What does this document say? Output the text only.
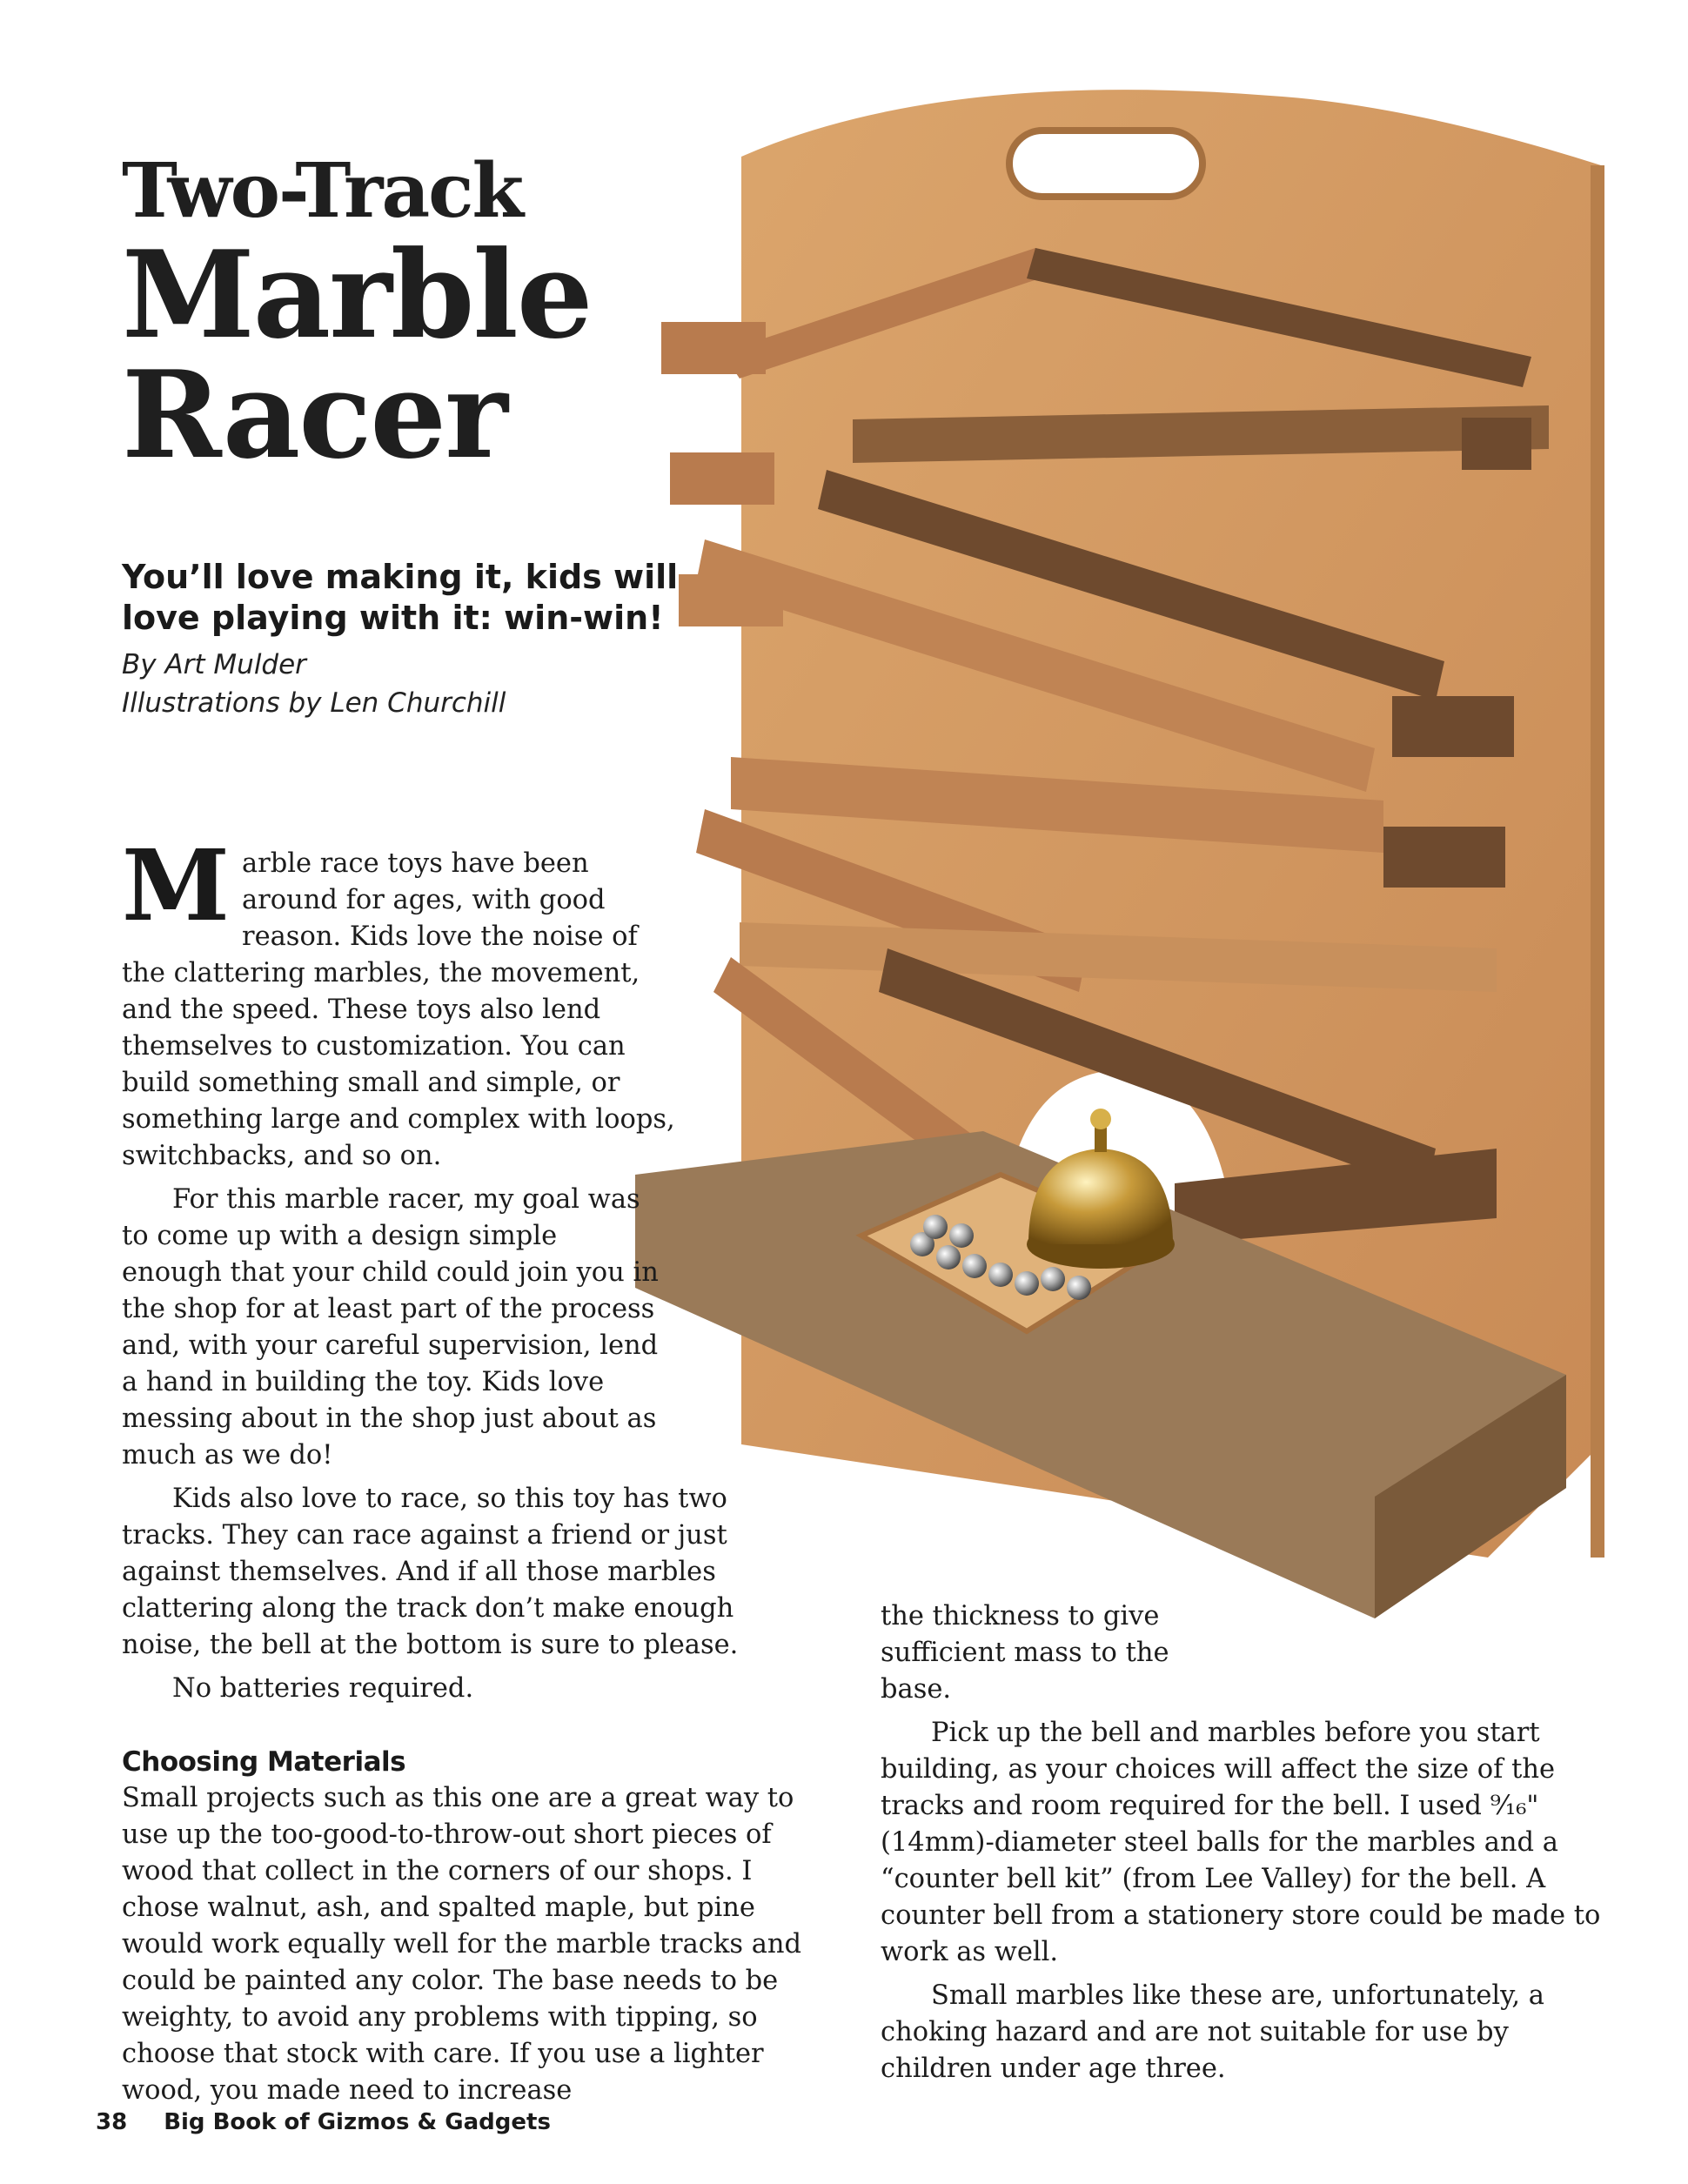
Two-Track
Marble
Racer

You’ll love making it, kids will love playing with it: win-win!

By Art Mulder
Illustrations by Len Churchill

Marble race toys have been around for ages, with good reason. Kids love the noise of the clattering marbles, the movement, and the speed. These toys also lend themselves to customization. You can build something small and simple, or something large and complex with loops, switchbacks, and so on.

For this marble racer, my goal was to come up with a design simple enough that your child could join you in the shop for at least part of the process and, with your careful supervision, lend a hand in building the toy. Kids love messing about in the shop just about as much as we do!

Kids also love to race, so this toy has two tracks. They can race against a friend or just against themselves. And if all those marbles clattering along the track don’t make enough noise, the bell at the bottom is sure to please.

No batteries required.

Choosing Materials

Small projects such as this one are a great way to use up the too-good-to-throw-out short pieces of wood that collect in the corners of our shops. I chose walnut, ash, and spalted maple, but pine would work equally well for the marble tracks and could be painted any color. The base needs to be weighty, to avoid any problems with tipping, so choose that stock with care. If you use a lighter wood, you made need to increase

the thickness to give sufficient mass to the base.

Pick up the bell and marbles before you start building, as your choices will affect the size of the tracks and room required for the bell. I used ⁹⁄₁₆" (14mm)-diameter steel balls for the marbles and a “counter bell kit” (from Lee Valley) for the bell. A counter bell from a stationery store could be made to work as well.

Small marbles like these are, unfortunately, a choking hazard and are not suitable for use by children under age three.

38 Big Book of Gizmos & Gadgets
